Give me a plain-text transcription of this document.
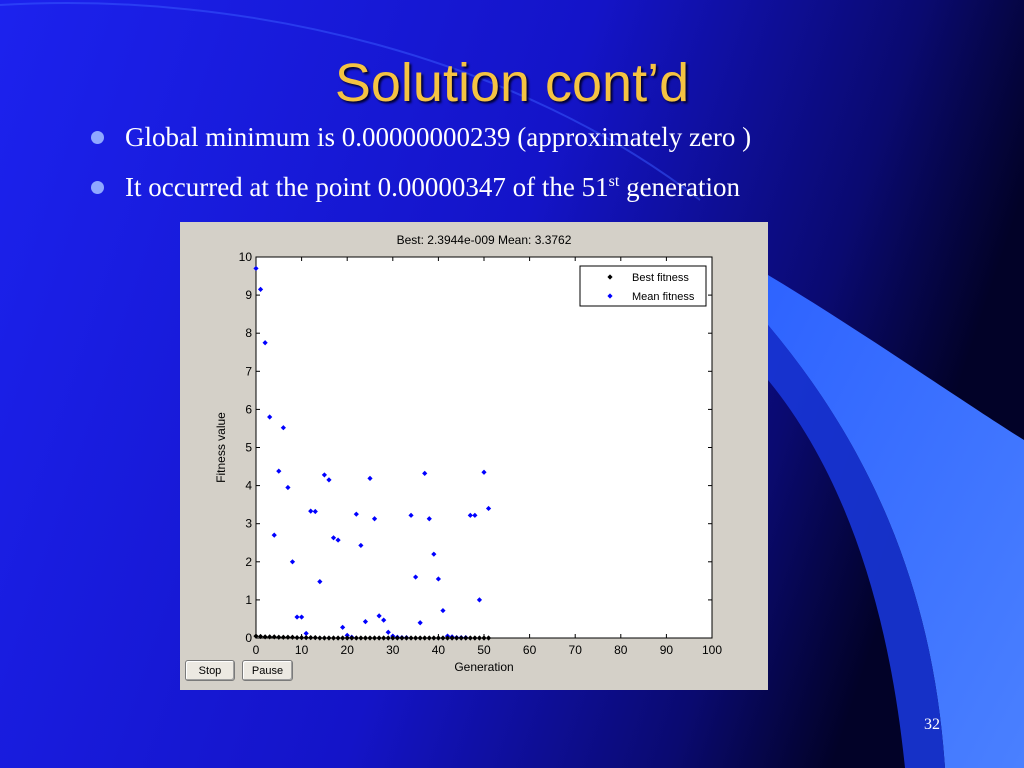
Solution cont’d
Global minimum is 0.00000000239 (approximately zero )
It occurred at the point 0.00000347 of the 51st generation
0	10	20	30	40	50	60	70	80	90 100
0
1
2
3
4
5
6
7
8
9
10
Best: 2.3944e-009 Mean: 3.3762
Generation
Fitness value
Best fitness
Mean fitness
Stop	Pause
32
